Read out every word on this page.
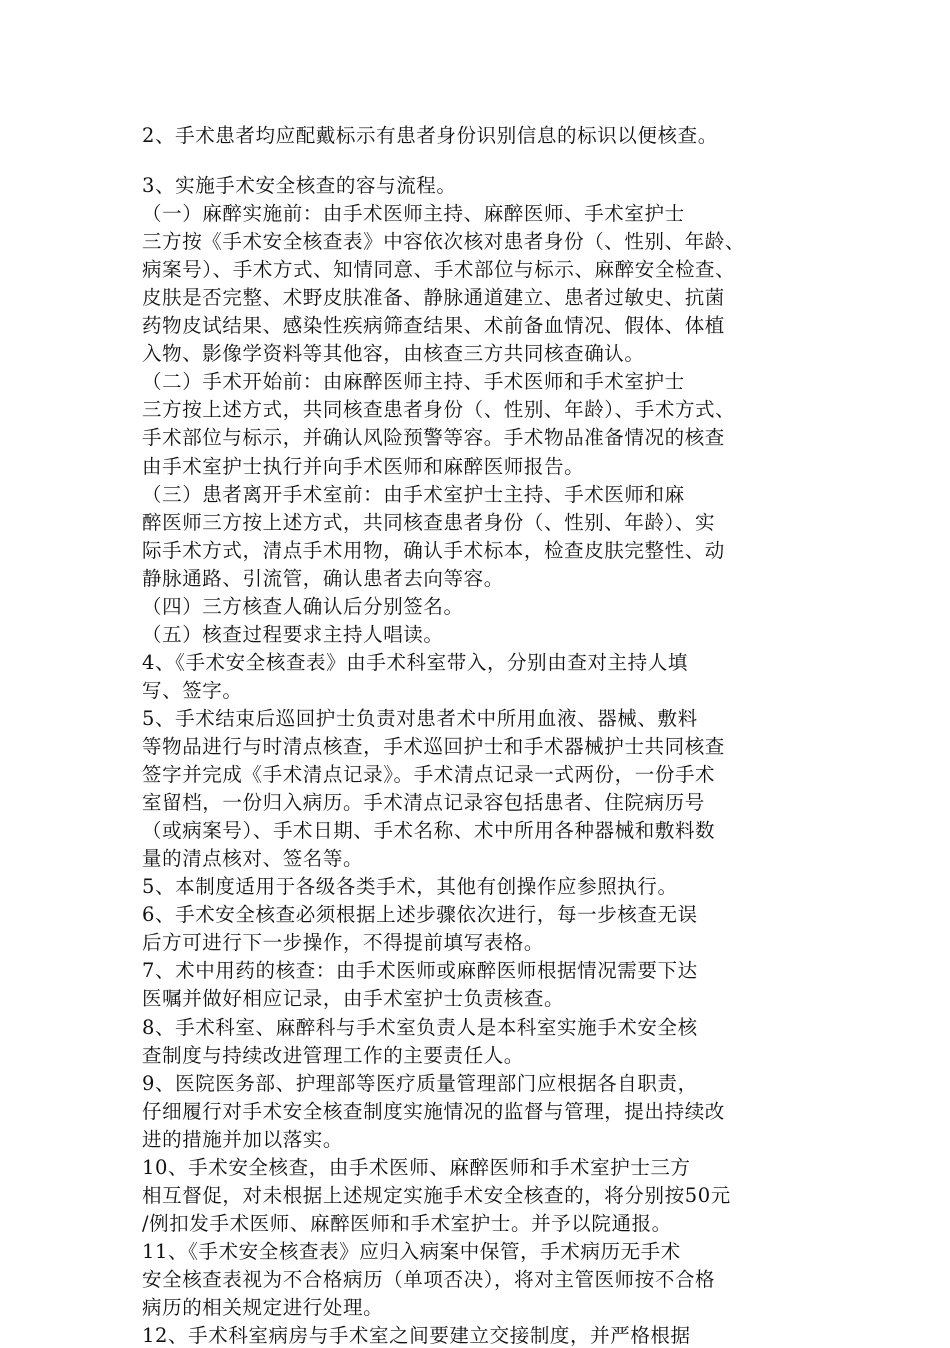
2、手术患者均应配戴标示有患者身份识别信息的标识以便核查。
3、实施手术安全核查的容与流程。
（一）麻醉实施前：由手术医师主持、麻醉医师、手术室护士
三方按《手术安全核查表》中容依次核对患者身份（、性别、年龄、
病案号）、手术方式、知情同意、手术部位与标示、麻醉安全检查、
皮肤是否完整、术野皮肤准备、静脉通道建立、患者过敏史、抗菌
药物皮试结果、感染性疾病筛查结果、术前备血情况、假体、体植
入物、影像学资料等其他容，由核查三方共同核查确认。
（二）手术开始前：由麻醉医师主持、手术医师和手术室护士
三方按上述方式，共同核查患者身份（、性别、年龄）、手术方式、
手术部位与标示，并确认风险预警等容。手术物品准备情况的核查
由手术室护士执行并向手术医师和麻醉医师报告。
（三）患者离开手术室前：由手术室护士主持、手术医师和麻
醉医师三方按上述方式，共同核查患者身份（、性别、年龄）、实
际手术方式，清点手术用物，确认手术标本，检查皮肤完整性、动
静脉通路、引流管，确认患者去向等容。
（四）三方核查人确认后分别签名。
（五）核查过程要求主持人唱读。
4、《手术安全核查表》由手术科室带入，分别由查对主持人填
写、签字。
5、手术结束后巡回护士负责对患者术中所用血液、器械、敷料
等物品进行与时清点核查，手术巡回护士和手术器械护士共同核查
签字并完成《手术清点记录》。手术清点记录一式两份，一份手术
室留档，一份归入病历。手术清点记录容包括患者、住院病历号
（或病案号）、手术日期、手术名称、术中所用各种器械和敷料数
量的清点核对、签名等。
5、本制度适用于各级各类手术，其他有创操作应参照执行。
6、手术安全核查必须根据上述步骤依次进行，每一步核查无误
后方可进行下一步操作，不得提前填写表格。
7、术中用药的核查：由手术医师或麻醉医师根据情况需要下达
医嘱并做好相应记录，由手术室护士负责核查。
8、手术科室、麻醉科与手术室负责人是本科室实施手术安全核
查制度与持续改进管理工作的主要责任人。
9、医院医务部、护理部等医疗质量管理部门应根据各自职责，
仔细履行对手术安全核查制度实施情况的监督与管理，提出持续改
进的措施并加以落实。
10、手术安全核查，由手术医师、麻醉医师和手术室护士三方
相互督促，对未根据上述规定实施手术安全核查的，将分别按50元
/例扣发手术医师、麻醉医师和手术室护士。并予以院通报。
11、《手术安全核查表》应归入病案中保管，手术病历无手术
安全核查表视为不合格病历（单项否决），将对主管医师按不合格
病历的相关规定进行处理。
12、手术科室病房与手术室之间要建立交接制度，并严格根据
